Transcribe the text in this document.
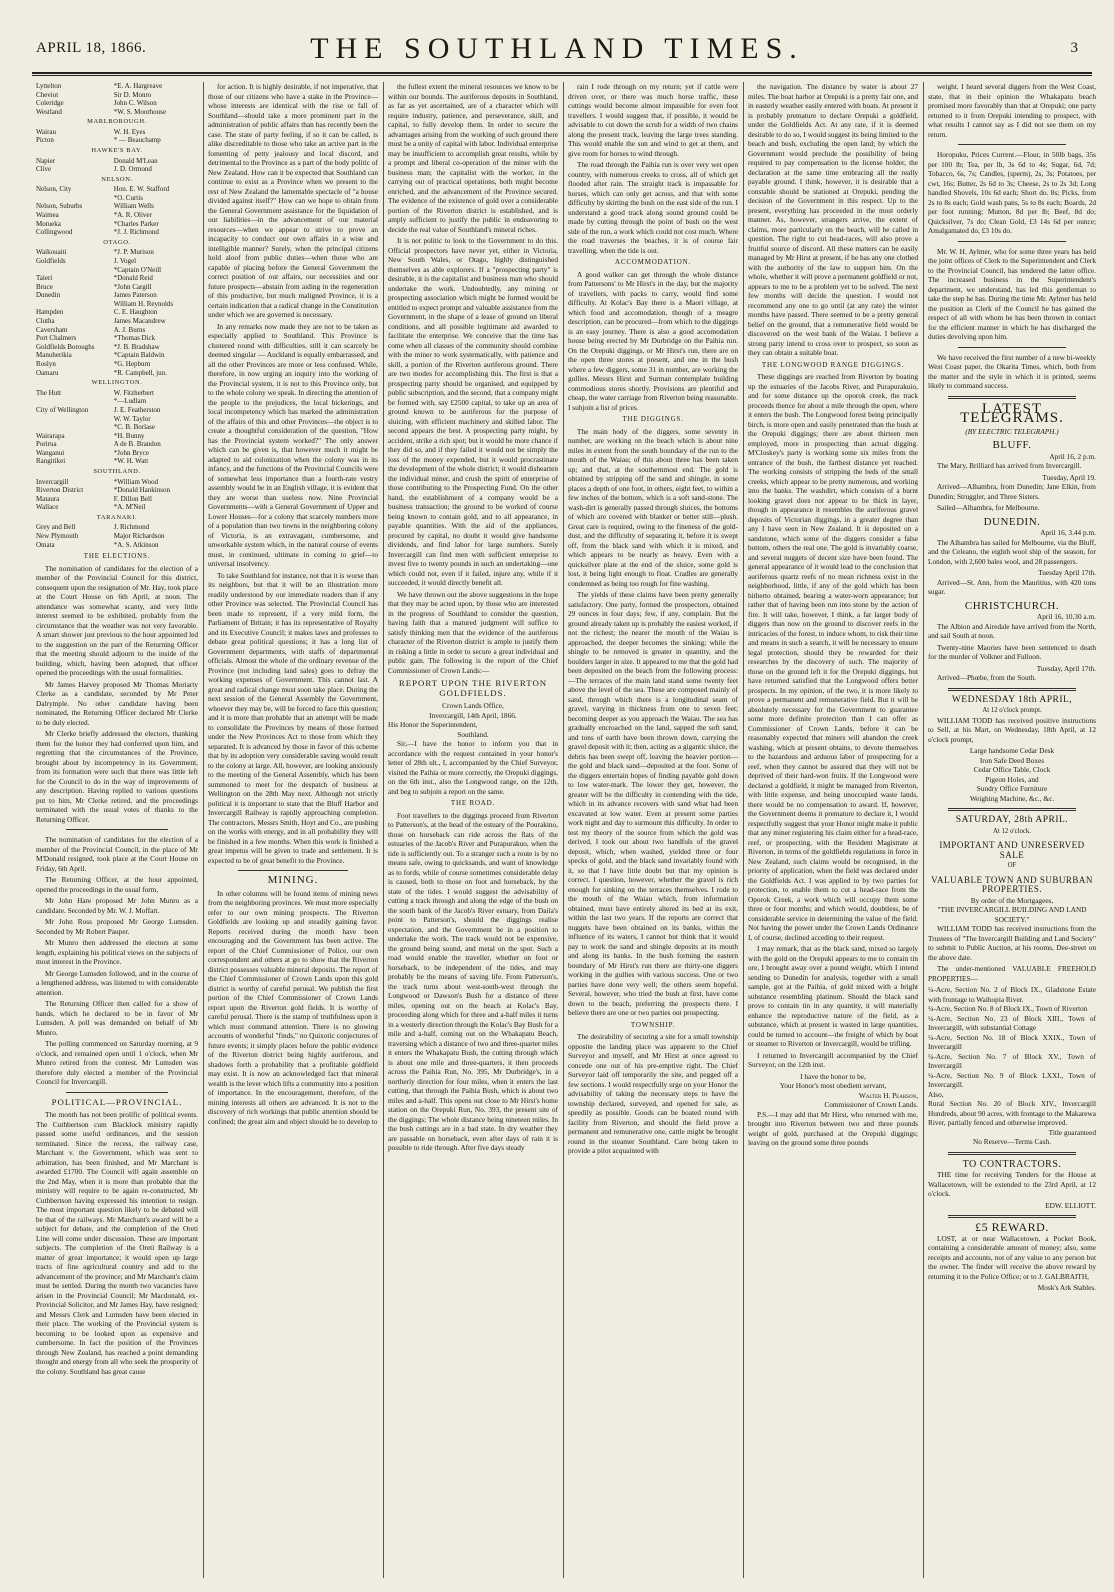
APRIL 18, 1866.	THE SOUTHLAND TIMES.	3
Lyttelton	*E. A. Hargreave
Cheviot	Sir D. Monro
Coleridge	John C. Wilson
Westland	*W. S. Moorhouse
MARLBOROUGH.
Wairau	W. H. Eyes
Picton	* — Beauchamp
HAWKE'S BAY.
Napier	Donald M'Lean
Clive	J. D. Ormond
NELSON.
Nelson, City	Hon. E. W. Stafford
	*O. Curtis
Nelson, Suburbs	William Wells
Waimea	*A. R. Oliver
Motueka	*Charles Parker
Collingwood	*J. J. Richmond
OTAGO.
Waikouaiti	*J. P. Murison
Goldfields	J. Vogel
	*Captain O'Neill
Taieri	*Donald Reid
Bruce	*John Cargill
Dunedin	James Paterson
	William H. Reynolds
Hampden	C. E. Haughton
Clutha	James Macandrew
Caversham	A. J. Burns
Port Chalmers	*Thomas Dick
Goldfields Boroughs	*J. B. Bradshaw
Manuherikia	*Captain Baldwin
Roslyn	*G. Hepburn
Oamaru	*R. Campbell, jun.
WELLINGTON.
The Hutt	W. Fitzherbert
	*—Ludlam
City of Wellington	J. E. Featherston
	W. W. Taylor
	*C. B. Borlase
Wairarapa	*H. Bunny
Porirua	A de B. Brandon
Wanganui	*John Bryce
Rangitikei	*W. H. Watt
SOUTHLAND.
Invercargill	*William Wood
Riverton District	*Donald Hankinson
Mataura	F. Dillon Bell
Wallace	*A. M'Neil
TARANAKI.
Grey and Bell	J. Richmond
New Plymouth	Major Richardson
Omata	*A. S. Atkinson
THE ELECTIONS.

The nomination of candidates for the election of a member of the Provincial Council for this district, consequent upon the resignation of Mr. Hay, took place at the Court House on 6th April, at noon. The attendance was somewhat scanty, and very little interest seemed to be exhibited, probably from the circumstance that the weather was not very favorable. A smart shower just previous to the hour appointed led to the suggestion on the part of the Returning Officer that the meeting should adjourn to the inside of the building, which, having been adopted, that officer opened the proceedings with the usual formalities.

Mr James Harvey proposed Mr Thomas Moriarty Clerke as a candidate, seconded by Mr Peter Dalrymple. No other candidate having been nominated, the Returning Officer declared Mr Clerke to be duly elected.

Mr Clerke briefly addressed the electors, thanking them for the honor they had conferred upon him, and regretting that the circumstances of the Province, brought about by incompetency in its Government, from its formation were such that there was little left for the Council to do in the way of improvements of any description. Having replied to various questions put to him, Mr Clerke retired, and the proceedings terminated with the usual votes of thanks to the Returning Officer.

The nomination of candidates for the election of a member of the Provincial Council, in the place of Mr M'Donald resigned, took place at the Court House on Friday, 6th April.

The Returning Officer, at the hour appointed, opened the proceedings in the usual form,

Mr John Hare proposed Mr John Munro as a candidate. Seconded by Mr. W. J. Moffatt.

Mr John Ross proposed Mr George Lumsden. Seconded by Mr Robert Pauper.

Mr Munro then addressed the electors at some length, explaining his political views on the subjects of most interest in the Province.

Mr George Lumsden followed, and in the course of a lengthened address, was listened to with considerable attention.

The Returning Officer then called for a show of hands, which he declared to be in favor of Mr Lumsden. A poll was demanded on behalf of Mr Munro.

The polling commenced on Saturday morning, at 9 o'clock, and remained open until 1 o'clock, when Mr Munro retired from the contest. Mr Lumsden was therefore duly elected a member of the Provincial Council for Invercargill.

POLITICAL—PROVINCIAL.

The month has not been prolific of political events. The Cuthbertson cum Blacklock ministry rapidly passed some useful ordinances, and the session terminated. Since the recess, the railway case, Marchant v. the Government, which was sent to arbitration, has been finished, and Mr Marchant is awarded £1700. The Council will again assemble on the 2nd May, when it is more than probable that the ministry will require to be again re-constructed, Mr Cuthbertson having expressed his intention to resign. The most important question likely to be debated will be that of the railways. Mr Marchant's award will be a subject for debate, and the completion of the Oreti Line will come under discussion. These are important subjects. The completion of the Oreti Railway is a matter of great importance; it would open up large tracts of fine agricultural country and add to the advancement of the province; and Mr Marchant's claim must be settled. During the month two vacancies have arisen in the Provincial Council; Mr Macdonald, ex-Provincial Solicitor, and Mr James Hay, have resigned; and Messrs Clerk and Lumsden have been elected in their place. The working of the Provincial system is becoming to be looked upon as expensive and cumbersome. In fact the position of the Provinces through New Zealand, has reached a point demanding thought and energy from all who seek the prosperity of the colony. Southland has great cause

for action. It is highly desirable, if not imperative, that those of our citizens who have a stake in the Province—whose interests are identical with the rise or fall of Southland—should take a more prominent part in the administration of public affairs than has recently been the case. The state of party feeling, if so it can be called, is alike discreditable to those who take an active part in the fomenting of petty jealousy and local discord, and detrimental to the Province as a part of the body politic of New Zealand. How can it be expected that Southland can continue to exist as a Province when we present to the rest of New Zealand the lamentable spectacle of "a house divided against itself?" How can we hope to obtain from the General Government assistance for the liquidation of our liabilities—in the advancement of our material resources—when we appear to strive to prove an incapacity to conduct our own affairs in a wise and intelligible manner? Surely, when the principal citizens hold aloof from public duties—when those who are capable of placing before the General Government the correct position of our affairs, our necessities and our future prospects—abstain from aiding in the regeneration of this productive, but much maligned Province, it is a certain indication that a radical change in the Constitution under which we are governed is necessary.

In any remarks now made they are not to be taken as especially applied to Southland. This Province is clustered round with difficulties, still it can scarcely be deemed singular — Auckland is equally embarrassed, and all the other Provinces are more or less confused. While, therefore, in now urging an inquiry into the working of the Provincial system, it is not to this Province only, but to the whole colony we speak. In directing the attention of the people to the prejudices, the local bickerings, and local incompetency which has marked the administration of the affairs of this and other Provinces—the object is to create a thoughtful consideration of the question, "How has the Provincial system worked?" The only answer which can be given is, that however much it might be adapted to aid colonization when the colony was in its infancy, and the functions of the Provincial Councils were of somewhat less importance than a fourth-rate vestry assembly would be in an English village, it is evident that they are worse than useless now. Nine Provincial Governments—with a General Government of Upper and Lower Houses—for a colony that scarcely numbers more of a population than two towns in the neighboring colony of Victoria, is an extravagant, cumbersome, and unworkable system which, in the natural course of events must, in continued, ultimate in coming to grief—to universal insolvency.

To take Southland for instance, not that it is worse than its neighbors, but that it will be an illustration more readily understood by our immediate readers than if any other Province was selected. The Provincial Council has been made to represent, if a very mild form, the Parliament of Britain; it has its representative of Royalty and its Executive Council; it makes laws and professes to debate great political questions; it has a long list of Government departments, with staffs of departmental officials. Almost the whole of the ordinary revenue of the Province (not including land sales) goes to defray the working expenses of Government. This cannot last. A great and radical change must soon take place. During the next session of the General Assembly the Government, whoever they may be, will be forced to face this question; and it is more than probable that an attempt will be made to consolidate the Provinces by means of those formed under the New Provinces Act to those from which they separated. It is advanced by those in favor of this scheme that by its adoption very considerable saving would result to the colony at large. All, however, are looking anxiously to the meeting of the General Assembly, which has been summoned to meet for the despatch of business at Wellington on the 28th May next. Although not strictly political it is important to state that the Bluff Harbor and Invercargill Railway is rapidly approaching completion. The contractors, Messrs Smith, Hoyt and Co., are pushing on the works with energy, and in all probability they will be finished in a few months. When this work is finished a great impetus will be given to trade and settlement. It is expected to be of great benefit to the Province.

MINING.

In other columns will be found items of mining news from the neighboring provinces. We must more especially refer to our own mining prospects. The Riverton Goldfields are looking up and steadily gaining favor. Reports received during the month have been encouraging and the Government has been active. The report of the Chief Commissioner of Police, our own correspondent and others at go to show that the Riverton district possesses valuable mineral deposits. The report of the Chief Commissioner of Crown Lands upon this gold district is worthy of careful perusal. We publish the first portion of the Chief Commissioner of Crown Lands report upon the Riverton gold fields. It is worthy of careful perusal. There is the stamp of truthfulness upon it which must command attention. There is no glowing accounts of wonderful "finds," no Quixotic conjectures of future events; it simply places before the public evidence of the Riverton district being highly auriferous, and shadows forth a probability that a profitable goldfield may exist. It is now an acknowledged fact that mineral wealth is the lever which lifts a community into a position of importance. In the encouragement, therefore, of the mining interests all others are advanced. It is not to the discovery of rich workings that public attention should be confined; the great aim and object should be to develop to

the fullest extent the mineral resources we know to be within our bounds. The auriferous deposits in Southland, as far as yet ascertained, are of a character which will require industry, patience, and perseverance, skill, and capital, to fully develop them. In order to secure the advantages arising from the working of such ground there must be a unity of capital with labor. Individual enterprise may be insufficient to accomplish great results, while by a prompt and liberal co-operation of the miner with the business man; the capitalist with the worker, in the carrying out of practical operations, both might become enriched, and the advancement of the Province secured. The evidence of the existence of gold over a considerable portion of the Riverton district is established, and is amply sufficient to justify the public in endeavoring to decide the real value of Southland's mineral riches.

It is not politic to look to the Government to do this. Official prospectors have never yet, either in Victoria, New South Wales, or Otago, highly distinguished themselves as able explorers. If a "prospecting party" is desirable, it is the capitalist and business man who should undertake the work. Undoubtedly, any mining or prospecting association which might be formed would be entitled to expect prompt and valuable assistance from the Government, in the shape of a lease of ground on liberal conditions, and all possible legitimate aid awarded to facilitate the enterprise. We conceive that the time has come when all classes of the community should combine with the miner to work systematically, with patience and skill, a portion of the Riverton auriferous ground. There are two modes for accomplishing this. The first is that a prospecting party should be organised, and equipped by public subscription, and the second, that a company might be formed with, say £2500 capital, to take up an area of ground known to be auriferous for the purpose of sluicing, with efficient machinery and skilled labor. The second appears the best. A prospecting party might, by accident, strike a rich spot; but it would be more chance if they did so, and if they failed it would not be simply the loss of the money expended, but it would procrastinate the development of the whole district; it would dishearten the individual miner, and crush the spirit of enterprise of those contributing to the Prospecting Fund. On the other hand, the establishment of a company would be a business transaction; the ground to be worked of course being known to contain gold, and to all appearance, in payable quantities. With the aid of the appliances, procured by capital, no doubt it would give handsome dividends, and find labor for large numbers. Surely Invercargill can find men with sufficient enterprise to invest five to twenty pounds in such an undertaking—one which could not, even if it failed, injure any, while if it succeeded, it would directly benefit all.

We have thrown out the above suggestions in the hope that they may be acted upon, by those who are interested in the progress of Southland to consider the question, having faith that a matured judgment will suffice to satisfy thinking men that the evidence of the auriferous character of the Riverton district is ample to justify them in risking a little in order to secure a great individual and public gain. The following is the report of the Chief Commissioner of Crown Lands:—

REPORT UPON THE RIVERTON GOLDFIELDS.
Crown Lands Office,
Invercargill, 14th April, 1866.
His Honor the Superintendent,
Southland.

Sir,—I have the honor to inform you that in accordance with the request contained in your honor's letter of 28th ult., I, accompanied by the Chief Surveyor, visited the Paihia or more correctly, the Orepuki diggings, on the 6th inst., also the Longwood range, on the 12th, and beg to subjoin a report on the same.

THE ROAD.

Foot travellers to the diggings proceed from Riverton to Patterson's, at the head of the estuary of the Pourakino, those on horseback can ride across the flats of the estuaries of the Jacob's River and Purapurakuo, when the tide is sufficiently out. To a stranger such a route is by no means safe, owing to quicksands, and want of knowledge as to fords, while of course sometimes considerable delay is caused, both to those on foot and horseback, by the state of the tides. I would suggest the advisability of cutting a track through and along the edge of the bush on the south bank of the Jacob's River estuary, from Daila's point to Patterson's, should the diggings realise expectation, and the Government be in a position to undertake the work. The track would not be expensive, the ground being sound, and metal on the spot. Such a road would enable the traveller, whether on foot or horseback, to be independent of the tides, and may probably be the means of saving life. From Patterson's, the track turns about west-south-west through the Longwood or Dawson's Bush for a distance of three miles, opening out on the beach at Kolac's Bay, proceeding along which for three and a-half miles it turns in a westerly direction through the Kolac's Bay Bush for a mile and a-half, coming out on the Whakapatu Beach, traversing which a distance of two and three-quarter miles it enters the Whakapatu Bush, the cutting through which is about one mile and three-quarters, it then proceeds across the Paihia Run, No. 395, Mr Durbridge's, in a northerly direction for four miles, when it enters the last cutting, that through the Paihia Bush, which is about two miles and a-half. This opens out close to Mr Hirst's home station on the Orepuki Run, No. 393, the present site of the diggings; The whole distance being nineteen miles. In the bush cuttings are in a bad state. In dry weather they are passable on horseback, even after days of rain it is possible to ride through. After five days steady

rain I rode through on my return; yet if cattle were driven over, or there was much horse traffic, these cuttings would become almost impassible for even foot travellers. I would suggest that, if possible, it would be advisable to cut down the scrub for a width of two chains along the present track, leaving the large trees standing. This would enable the sun and wind to get at them, and give room for horses to wind through.

The road through the Paihia run is over very wet open country, with numerous creeks to cross, all of which get flooded after rain. The straight track is impassable for horses, which can only get across, and that with some difficulty by skirting the bush on the east side of the run. I understand a good track along sound ground could be made by cutting through the point of bush on the west side of the run, a work which could not cost much. Where the road traverses the beaches, it is of course fair travelling, when the tide is out.

ACCOMMODATION.

A good walker can get through the whole distance from Pattersons' to Mr Hirst's in the day, but the majority of travellers, with packs to carry, would find some difficulty. At Kolac's Bay there is a Maori village, at which food and accomodation, though of a meagre description, can be procured—from which to the diggings is an easy journey. There is also a good accomodation house being erected by Mr Durbridge on the Paihia run. On the Orepuki diggings, or Mr Hirst's run, there are on the open three stores at present, and one in the bush where a few diggers, some 31 in number, are working the gullies. Messrs Hirst and Surman contemplate building commodious stores shortly. Provisions are plentiful and cheap, the water carriage from Riverton being reasonable. I subjoin a list of prices.

THE DIGGINGS.

The main body of the diggers, some seventy in number, are working on the beach which is about nine miles in extent from the south boundary of the run to the mouth of the Waiau; of this about three has been taken up; and that, at the southernmost end. The gold is obtained by stripping off the sand and shingle, in some places a depth of one foot, in others, eight feet, to within a few inches of the bottom, which is a soft sand-stone. The wash-dirt is generally passed through sluices, the bottoms of which are covered with blanket or better still—plush. Great care is required, owing to the fineness of the gold-dust, and the difficulty of separating it, before it is swept off, from the black sand with which it is mixed, and which appears to be nearly as heavy. Even with a quicksilver plate at the end of the sluice, some gold is lost, it being light enough to float. Cradles are generally condemned as being too rough for fine washing.

The yields of these claims have been pretty generally satisfactory. One party, formed the prospectors, obtained 29 ounces in four days; few, if any, complain. But the ground already taken up is probably the easiest worked, if not the richest; the nearer the mouth of the Waiau is approached, the deeper becomes the sinking; while the shingle to be removed is greater in quantity, and the boulders larger in size. It appeared to me that the gold had been deposited on the beach from the following process:—The terraces of the main land stand some twenty feet above the level of the sea. These are composed mainly of sand, through which there is a longitudinal seam of gravel, varying in thickness from one to seven feet; becoming deeper as you approach the Waiau. The sea has gradually encroached on the land, sapped the soft sand, and tons of earth have been thrown down, carrying the gravel deposit with it; then, acting as a gigantic sluice, the debris has been swept off, leaving the heavier portion—the gold and black sand—deposited at the foot. Some of the diggers entertain hopes of finding payable gold down to low water-mark. The lower they get, however, the greater will be the difficulty in contending with the tide, which in its advance recovers with sand what had been excavated at low water. Even at present some parties work night and day to surmount this difficulty. In order to test my theory of the source from which the gold was derived, I took out about two handfuls of the gravel deposit, which, when washed, yielded three or four specks of gold, and the black sand invariably found with it, so that I have little doubt but that my opinion is correct. I question, however, whether the gravel is rich enough for sinking on the terraces themselves. I rode to the mouth of the Waiau which, from information obtained, must have entirely altered its bed at its exit, within the last two years. If the reports are correct that nuggets have been obtained on its banks, within the influence of its waters, I cannot but think that it would pay to work the sand and shingle deposits at its mouth and along its banks. In the bush forming the eastern boundary of Mr Hirst's run there are thirty-one diggers working in the gullies with various success. One or two parties have done very well; the others seem hopeful. Several, however, who tried the bush at first, have come down to the beach, preferring the prospects there. I believe there are one or two parties out prospecting.

TOWNSHIP.

The desirability of securing a site for a small township opposite the landing place was apparent to the Chief Surveyor and myself, and Mr Hirst at once agreed to concede one out of his pre-emptive right. The Chief Surveyor laid off temporarily the site, and pegged off a few sections. I would respectfully urge on your Honor the advisability of taking the necessary steps to have the township declared, surveyed, and opened for sale, as speedily as possible. Goods can be boated round with facility from Riverton, and should the field prove a permanent and remunerative one, cattle might be brought round in the steamer Southland. Care being taken to provide a pilot acquainted with

the navigation. The distance by water is about 27 miles. The boat harbor at Orepuki is a pretty fair one, and in easterly weather easily entered with boats. At present it is probably premature to declare Orepuki a goldfield, under the Goldfields Act. At any rate, if it is deemed desirable to do so, I would suggest its being limited to the beach and bush, excluding the open land; by which the Government would preclude the possibility of being required to pay compensation to the license holder, the declaration at the same time embracing all the really payable ground. I think, however, it is desirable that a constable should be stationed at Orepuki, pending the decision of the Government in this respect. Up to the present, everything has proceeded in the most orderly manner. As, however, strangers arrive, the extent of claims, more particularly on the beach, will be called in question. The right to cut head-races, will also prove a fruitful source of discord. All these matters can be easily managed by Mr Hirst at present, if he has any one clothed with the authority of the law to support him. On the whole, whether it will prove a permanent goldfield or not, appears to me to be a problem yet to be solved. The next few months will decide the question. I would not recommend any one to go until (at any rate) the winter months have passed. There seemed to be a pretty general belief on the ground, that a remunerative field would be discovered on the west bank of the Waiau. I believe a strong party intend to cross over to prospect, so soon as they can obtain a suitable boat.

THE LONGWOOD RANGE DIGGINGS.

These diggings are reached from Riverton by boating up the estuaries of the Jacobs River, and Purapurakuio, and for some distance up the oporok creek, the track proceeds thence for about a mile through the open, where it enters the bush. The Longwood forest being principally birch, is more open and easily penetrated than the bush at the Orepuki diggings; there are about thirteen men employed, more in prospecting than actual digging. M'Closkey's party is working some six miles from the entrance of the bush, the farthest distance yet reached. The working consists of stripping the beds of the small creeks, which appear to be pretty numerous, and working into the banks. The washdirt, which consists of a burnt looking gravel does not appear to be thick in layer, though in appearance it resembles the auriferous gravel deposits of Victorian diggings, in a greater degree than any I have seen in New Zealand. It is deposited on a sandstone, which some of the diggers consider a false bottom, others the real one. The gold is invariably coarse, and several nuggets of decent size have been found. The general appearance of it would lead to the conclusion that auriferous quartz reefs of no mean richness exist in the neighborhood, little, if any of the gold which has been hitherto obtained, bearing a water-worn appearance; but rather that of having been run into stone by the action of fire. It will take, however, I think, a far larger body of diggers than now on the ground to discover reefs in the intricacies of the forest, to induce whom, to risk their time and means in such a search, it will be necessary to ensure legal protection, should they be rewarded for their researches by the discovery of such. The majority of those on the ground left it for the Orepuki diggings, but have returned satisfied that the Longwood offers better prospects. In my opinion, of the two, it is more likely to prove a permanent and remunerative field. But it will be absolutely necessary for the Government to guarantee some more definite protection than I can offer as Commissioner of Crown Lands, before it can be reasonably expected that miners will abandon the creek washing, which at present obtains, to devote themselves to the hazardous and arduous labor of prospecting for a reef, when they cannot be assured that they will not be deprived of their hard-won fruits. If the Longwood were declared a goldfield, it might be managed from Riverton, with little expense, and being unoccupied waste lands, there would be no compensation to award. If, however, the Government deems it premature to declare it, I would respectfully suggest that your Honor might make it public that any miner registering his claim either for a head-race, reef, or prospecting, with the Resident Magistrate at Riverton, in terms of the goldfields regulations in force in New Zealand, such claims would be recognised, in the priority of application, when the field was declared under the Goldfields Act. I was applied to by two parties for protection, to enable them to cut a head-race from the Oporok Creek, a work which will occupy them some three or four months; and which would, doubtless, be of considerable service in determining the value of the field. Not having the power under the Crown Lands Ordinance I, of course, declined acceding to their request.

I may remark, that as the black sand, mixed so largely with the gold on the Orepuki appears to me to contain tin ore, I brought away over a pound weight, which I intend sending to Dunedin for analysis, together with a small sample, got at the Paihia, of gold mixed with a bright substance resembling platinum. Should the black sand prove to contain tin in any quantity, it will materially enhance the reproductive nature of the field, as a substance, which at present is wasted in large quantities, could be turned to account—the freight of which by boat or steamer to Riverton or Invercargill, would be trifling.

I returned to Invercargill accompanied by the Chief Surveyor, on the 12th inst.

I have the honor to be,
Your Honor's most obedient servant,
Walter H. Pearson,
Commissioner of Crown Lands.

P.S.—I may add that Mr Hirst, who returned with me, brought into Riverton between two and three pounds weight of gold, purchased at the Orepuki diggings; leaving on the ground some three pounds

weight. I heard several diggers from the West Coast, state, that in their opinion the Whakapatu beach promised more favorably than that at Orepuki; one party returned to it from Orepuki intending to prospect, with what results I cannot say as I did not see them on my return.

Horopuku, Prices Current.—Flour, in 50lb bags, 35s per 100 lb; Tea, per lb, 3s 6d to 4s; Sugar, 6d, 7d; Tobacco, 6s, 7s; Candles, (sperm), 2s, 3s; Potatoes, per cwt, 16s; Butter, 2s 6d to 3s; Cheese, 2s to 2s 3d; Long handled Shovels, 10s 6d each; Short do. 8s; Picks, from 2s to 8s each; Gold wash pans, 5s to 8s each; Boards, 2d per foot running; Mutton, 8d per lb; Beef, 8d do; Quicksilver, 7s do; Clean Gold, £3 14s 6d per ounce; Amalgamated do, £3 10s do.

Mr. W. H. Aylmer, who for some three years has held the joint offices of Clerk to the Superintendent and Clerk to the Provincial Council, has tendered the latter office. The increased business in the Superintendent's department, we understand, has led this gentleman to take the step he has. During the time Mr. Aylmer has held the position as Clerk of the Council he has gained the respect of all with whom he has been thrown in contact for the efficient manner in which he has discharged the duties devolving upon him.

We have received the first number of a new bi-weekly West Coast paper, the Okarita Times, which, both from the matter and the style in which it is printed, seems likely to command success.

LATEST TELEGRAMS.
(BY ELECTRIC TELEGRAPH.)
BLUFF.
April 16, 2 p.m.

The Mary, Brilliard has arrived from Invercargill.

Tuesday, April 19.

Arrived—Alhambra, from Dunedin; Jane Elkin, from Dunedin; Struggler, and Three Sisters.

Sailed—Alhambra, for Melbourne.

DUNEDIN.
April 16, 3.44 p.m.

The Alhambra has sailed for Melbourne, via the Bluff, and the Celeano, the eighth wool ship of the season, for London, with 2,600 bales wool, and 28 passengers.

Tuesday April 17th.

Arrived—St. Ann, from the Mauritius, with 420 tons sugar.

CHRISTCHURCH.
April 16, 10.30 a.m.

The Albion and Airedale have arrived from the North, and sail South at noon.

Twenty-nine Maories have been sentenced to death for the murder of Volkner and Fulloon.

Tuesday, April 17th.

Arrived—Phœbe, from the South.

WEDNESDAY 18th APRIL,
At 12 o'clock prompt.

WILLIAM TODD has received positive instructions to Sell, at his Mart, on Wednesday, 18th April, at 12 o'clock prompt,

Large handsome Cedar Desk
Iron Safe Deed Boxes
Cedar Office Table, Clock
Pigeon Holes, and
Sundry Office Furniture
Weighing Machine, &c., &c.
SATURDAY, 28th APRIL.
At 12 o'clock.
IMPORTANT AND UNRESERVED SALE
OF
VALUABLE TOWN AND SUBURBAN PROPERTIES.
By order of the Mortgagees,
"THE INVERCARGILL BUILDING AND LAND SOCIETY."

WILLIAM TODD has received instructions from the Trustees of "The Invercargill Building and Land Society" to submit to Public Auction, at his rooms, Dee-street on the above date.

The under-mentioned VALUABLE FREEHOLD PROPERTIES—

¼-Acre, Section No. 2 of Block IX., Gladstone Estate with frontage to Waihopia River.
¼-Acre, Section No. 8 of Block IX., Town of Riverton
¼-Acre, Section No. 23 of Block XIII., Town of Invercargill, with substantial Cottage
¼-Acre, Section No. 18 of Block XXIX., Town of Invercargill
¼-Acre, Section No. 7 of Block XV., Town of Invercargill
¼-Acre, Section No. 9 of Block LXXI., Town of Invercargill.
Also,
Rural Section No. 20 of Block XIV., Invercargill Hundreds, about 90 acres, with frontage to the Makarewa River, partially fenced and otherwise improved.
Title guaranteed
No Reserve—Terms Cash.
TO CONTRACTORS.

THE time for receiving Tenders for the House at Wallacetown, will be extended to the 23rd April, at 12 o'clock.

EDW. ELLIOTT.
£5 REWARD.

LOST, at or near Wallacetown, a Pocket Book, containing a considerable amount of money; also, some receipts and accounts, not of any value to any person but the owner. The finder will receive the above reward by returning it to the Police Office; or to J. GALBRAITH,

Mosk's Ark Stables.
